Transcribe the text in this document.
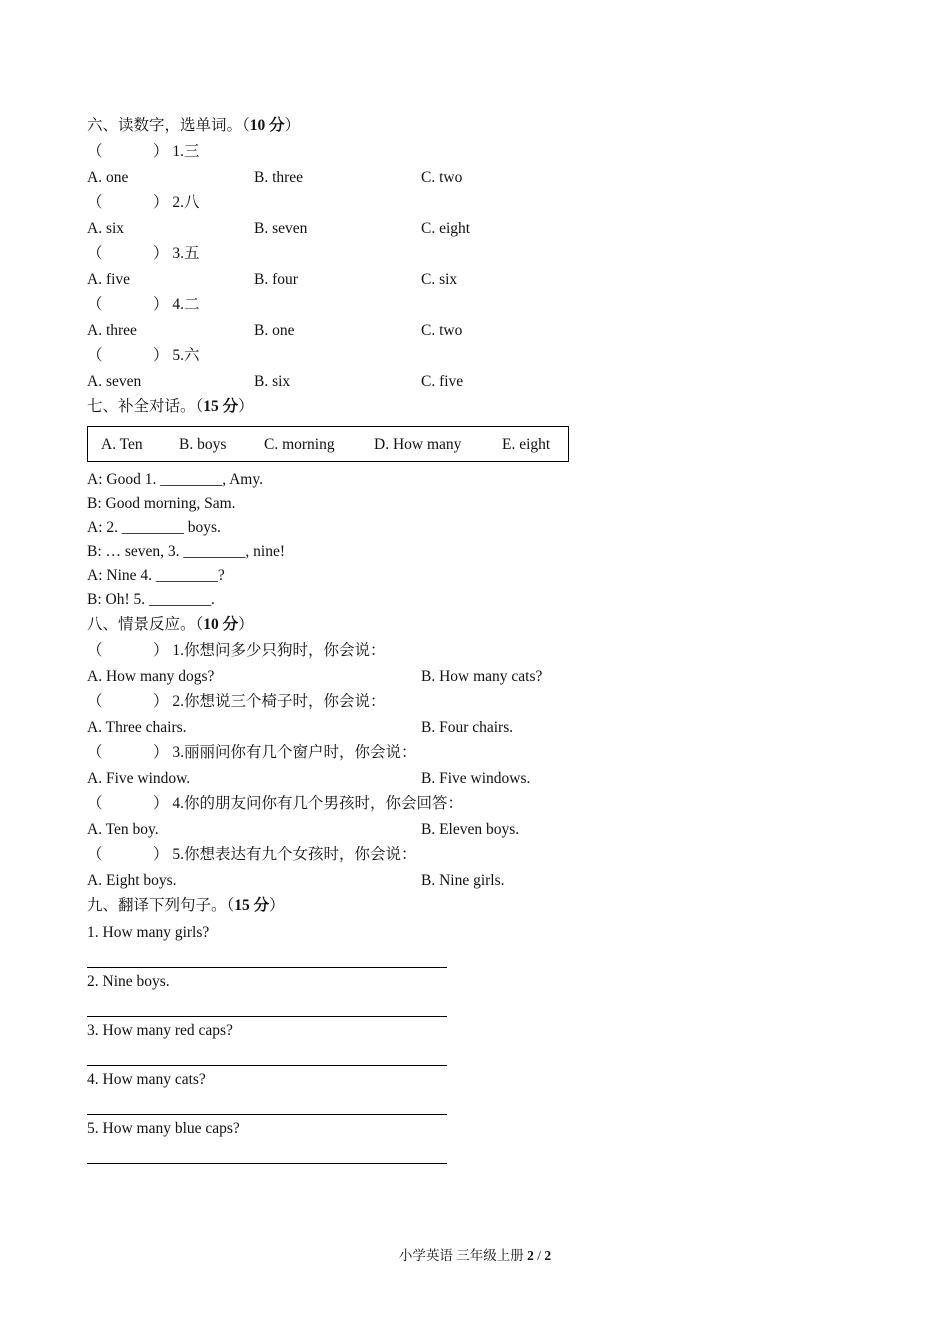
六、读数字，选单词。（10 分）
（	） 1.三
A. one	B. three	C. two
（	） 2.八
A. six	B. seven	C. eight
（	） 3.五
A. five	B. four	C. six
（	） 4.二
A. three	B. one	C. two
（	） 5.六
A. seven	B. six	C. five
七、补全对话。（15 分）
A. Ten B. boys C. morning	D. How many	E. eight
A: Good 1. ________, Amy.
B: Good morning, Sam.
A: 2. ________ boys.
B: … seven, 3. ________, nine!
A: Nine 4. ________?
B: Oh! 5. ________.
八、情景反应。（10 分）
（	） 1.你想问多少只狗时，你会说：
A. How many dogs?	B. How many cats?
（	） 2.你想说三个椅子时，你会说：
A. Three chairs.	B. Four chairs.
（	） 3.丽丽问你有几个窗户时，你会说：
A. Five window.	B. Five windows.
（	） 4.你的朋友问你有几个男孩时，你会回答：
A. Ten boy.	B. Eleven boys.
（	） 5.你想表达有九个女孩时，你会说：
A. Eight boys.	B. Nine girls.
九、翻译下列句子。（15 分）
1. How many girls?
2. Nine boys.
3. How many red caps?
4. How many cats?
5. How many blue caps?
小学英语 三年级上册 2 / 2
